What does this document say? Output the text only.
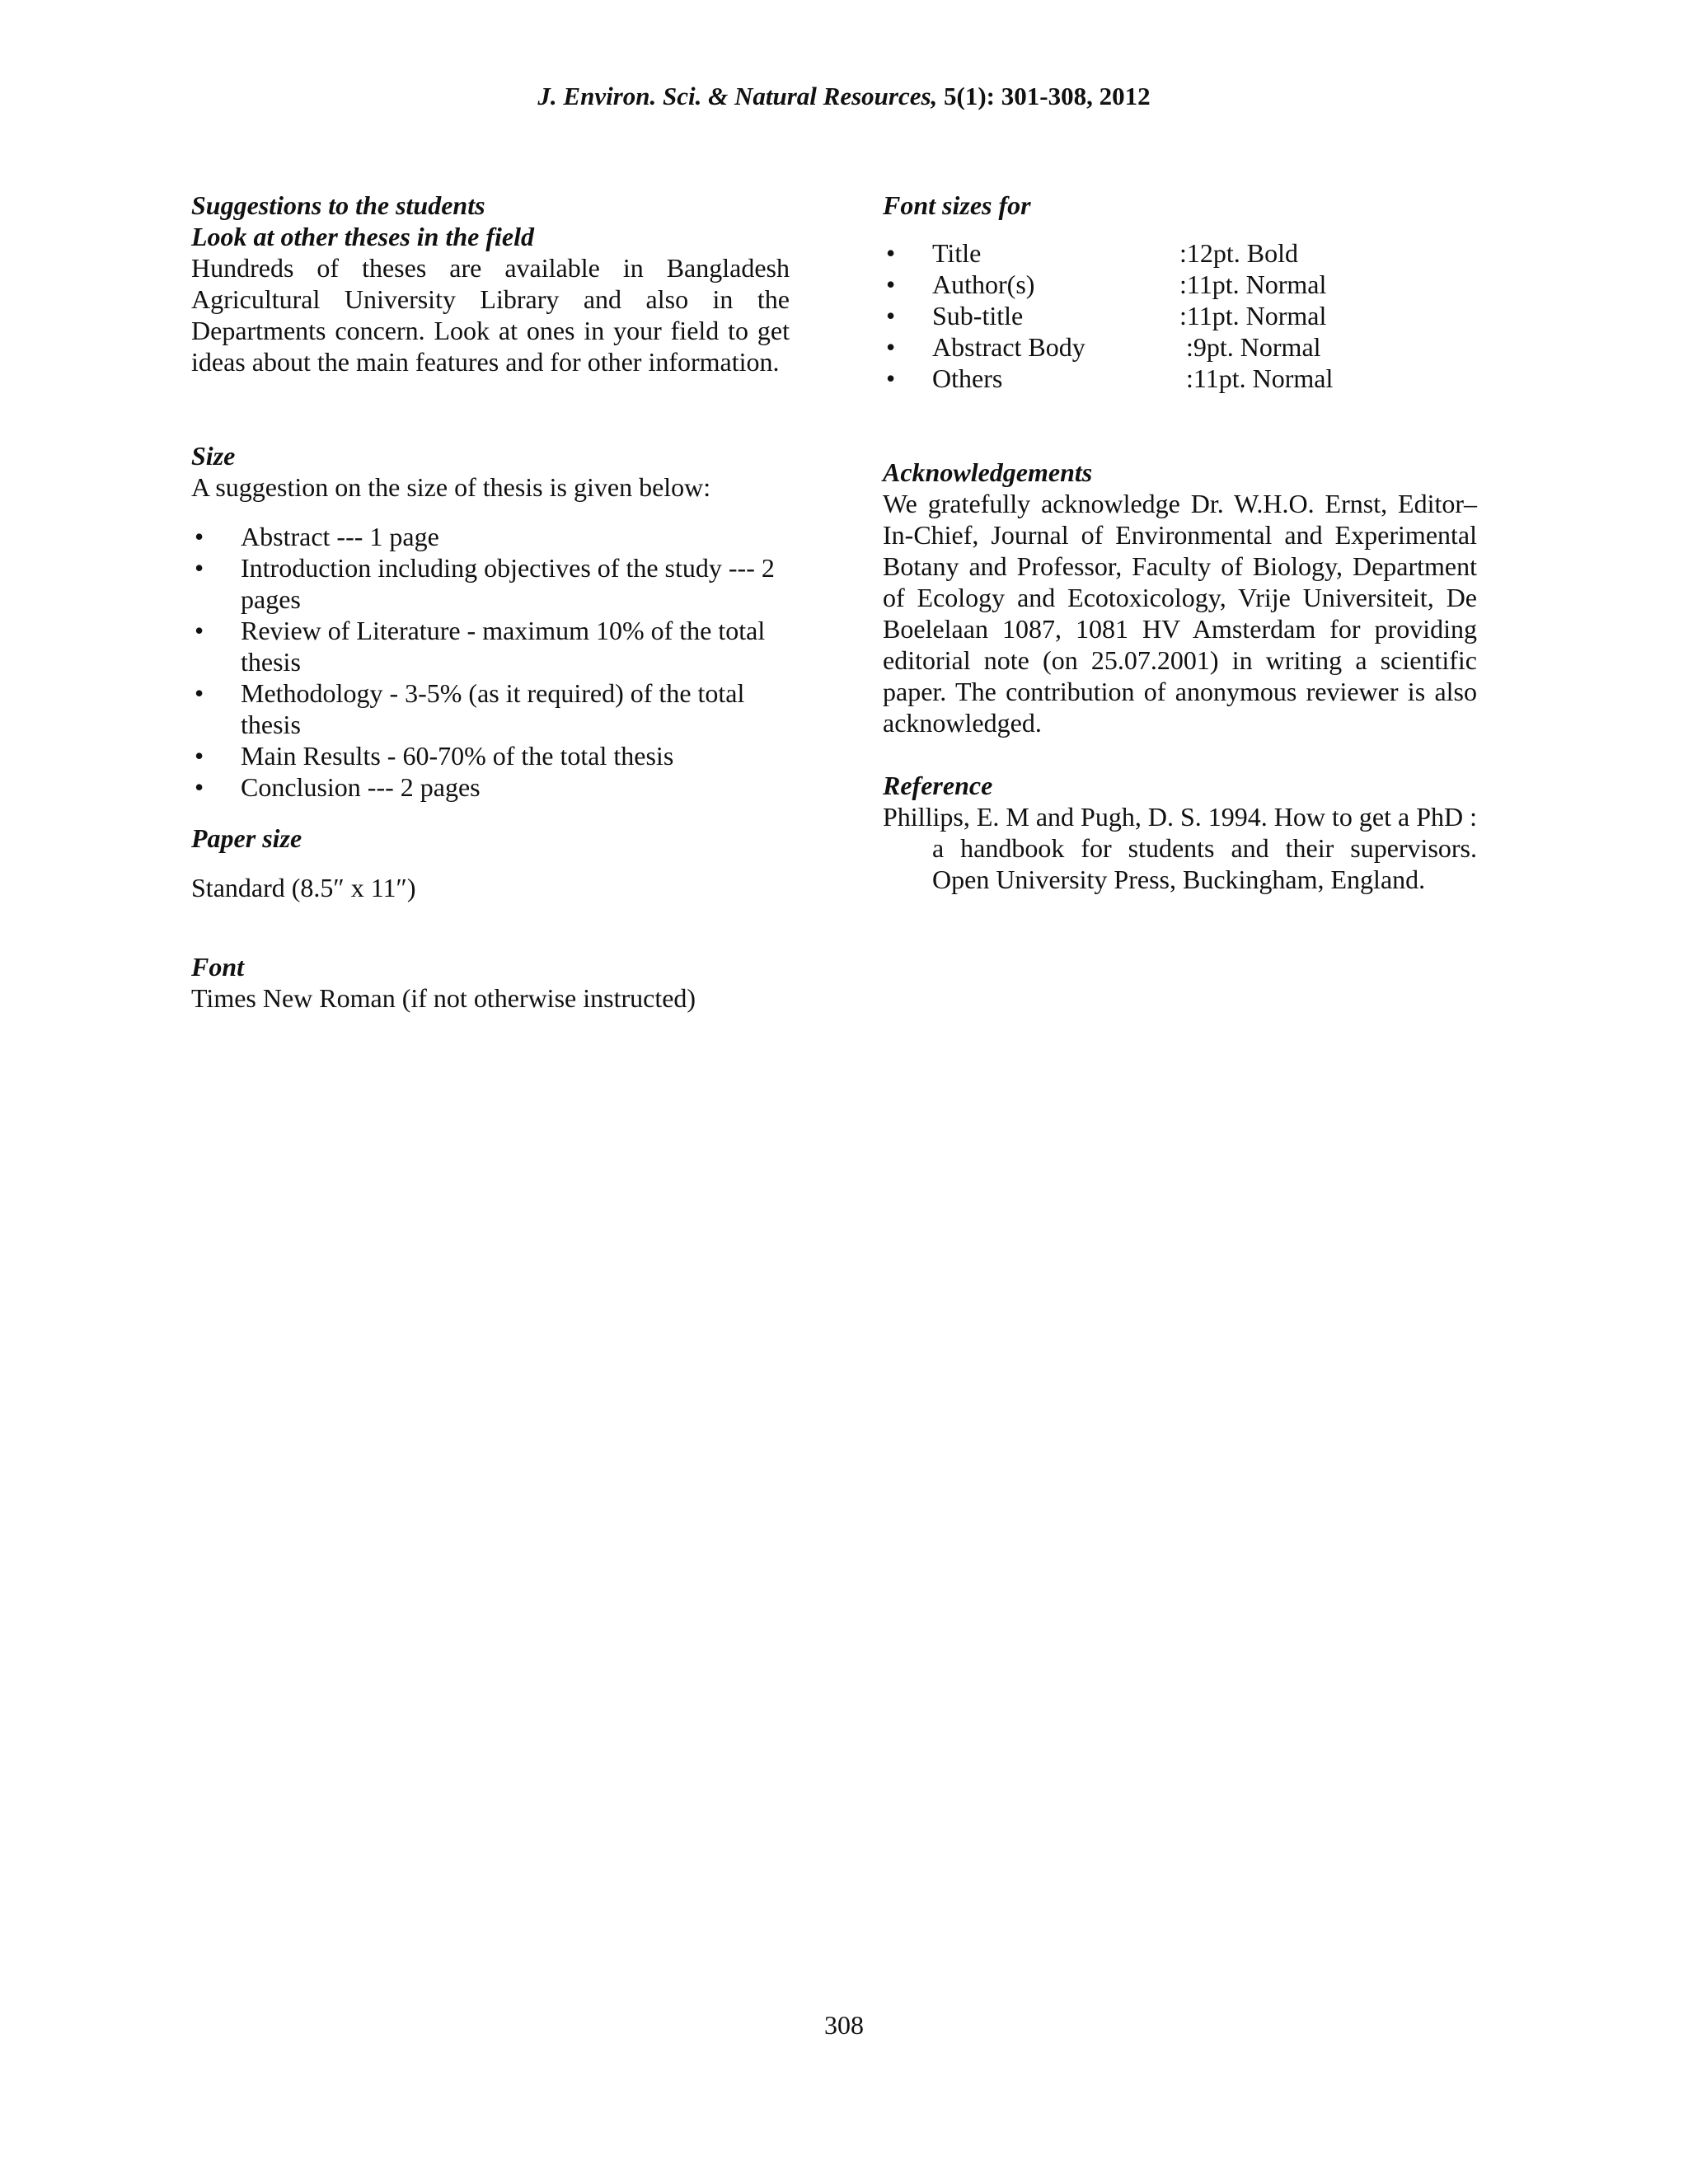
J. Environ. Sci. & Natural Resources, 5(1): 301-308, 2012

Suggestions to the students

Look at other theses in the field

Hundreds of theses are available in Bangladesh Agricultural University Library and also in the Departments concern. Look at ones in your field to get ideas about the main features and for other information.

Size

A suggestion on the size of thesis is given below:

• Abstract --- 1 page
• Introduction including objectives of the study --- 2 pages
• Review of Literature - maximum 10% of the total thesis
• Methodology - 3-5% (as it required) of the total thesis
• Main Results - 60-70% of the total thesis
• Conclusion --- 2 pages

Paper size

Standard (8.5″ x 11″)

Font

Times New Roman (if not otherwise instructed)

Font sizes for

• Title	:12pt. Bold
• Author(s)	:11pt. Normal
• Sub-title	:11pt. Normal
• Abstract Body	:9pt. Normal
• Others	:11pt. Normal

Acknowledgements

We gratefully acknowledge Dr. W.H.O. Ernst, Editor–In-Chief, Journal of Environmental and Experimental Botany and Professor, Faculty of Biology, Department of Ecology and Ecotoxicology, Vrije Universiteit, De Boelelaan 1087, 1081 HV Amsterdam for providing editorial note (on 25.07.2001) in writing a scientific paper. The contribution of anonymous reviewer is also acknowledged.

Reference

Phillips, E. M and Pugh, D. S. 1994. How to get a PhD : a handbook for students and their supervisors. Open University Press, Buckingham, England.

308
